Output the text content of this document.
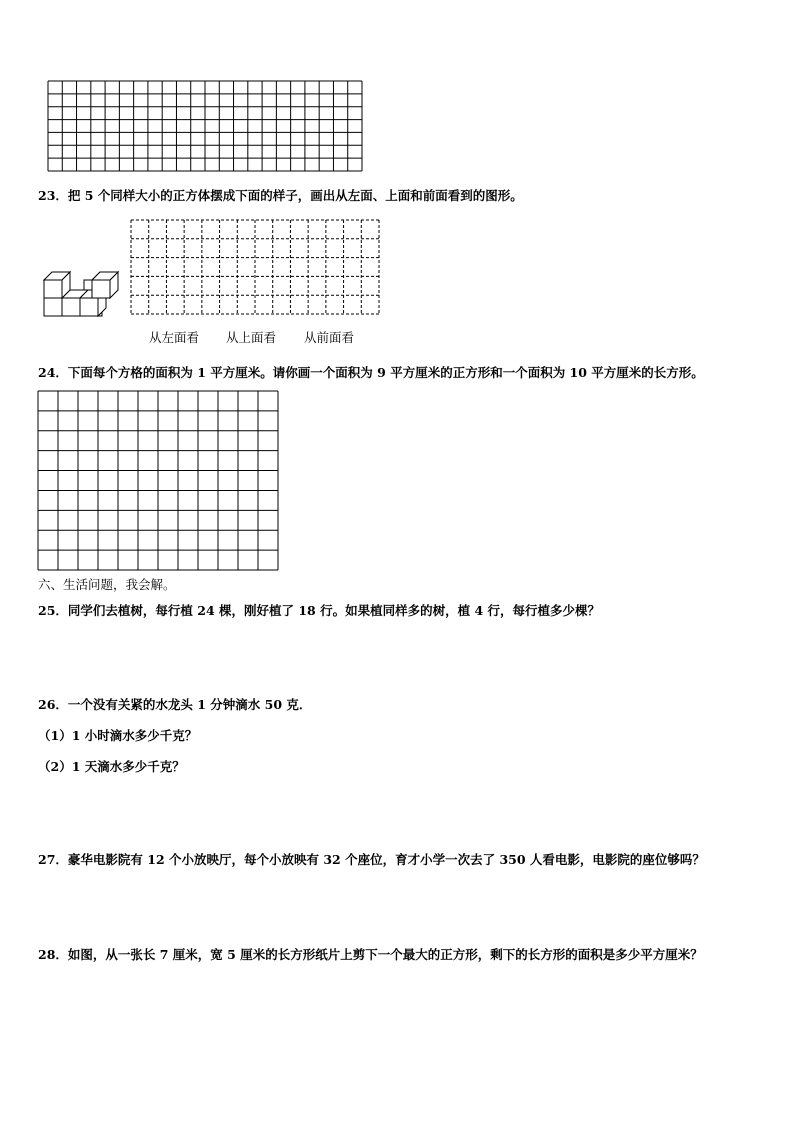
23．把 5 个同样大小的正方体摆成下面的样子，画出从左面、上面和前面看到的图形。
从左面看 从上面看 从前面看
24．下面每个方格的面积为 1 平方厘米。请你画一个面积为 9 平方厘米的正方形和一个面积为 10 平方厘米的长方形。
六、生活问题，我会解。
25．同学们去植树，每行植 24 棵，刚好植了 18 行。如果植同样多的树，植 4 行，每行植多少棵？
26．一个没有关紧的水龙头 1 分钟滴水 50 克．
（1）1 小时滴水多少千克？
（2）1 天滴水多少千克？
27．豪华电影院有 12 个小放映厅，每个小放映有 32 个座位，育才小学一次去了 350 人看电影，电影院的座位够吗？
28．如图，从一张长 7 厘米，宽 5 厘米的长方形纸片上剪下一个最大的正方形，剩下的长方形的面积是多少平方厘米？
